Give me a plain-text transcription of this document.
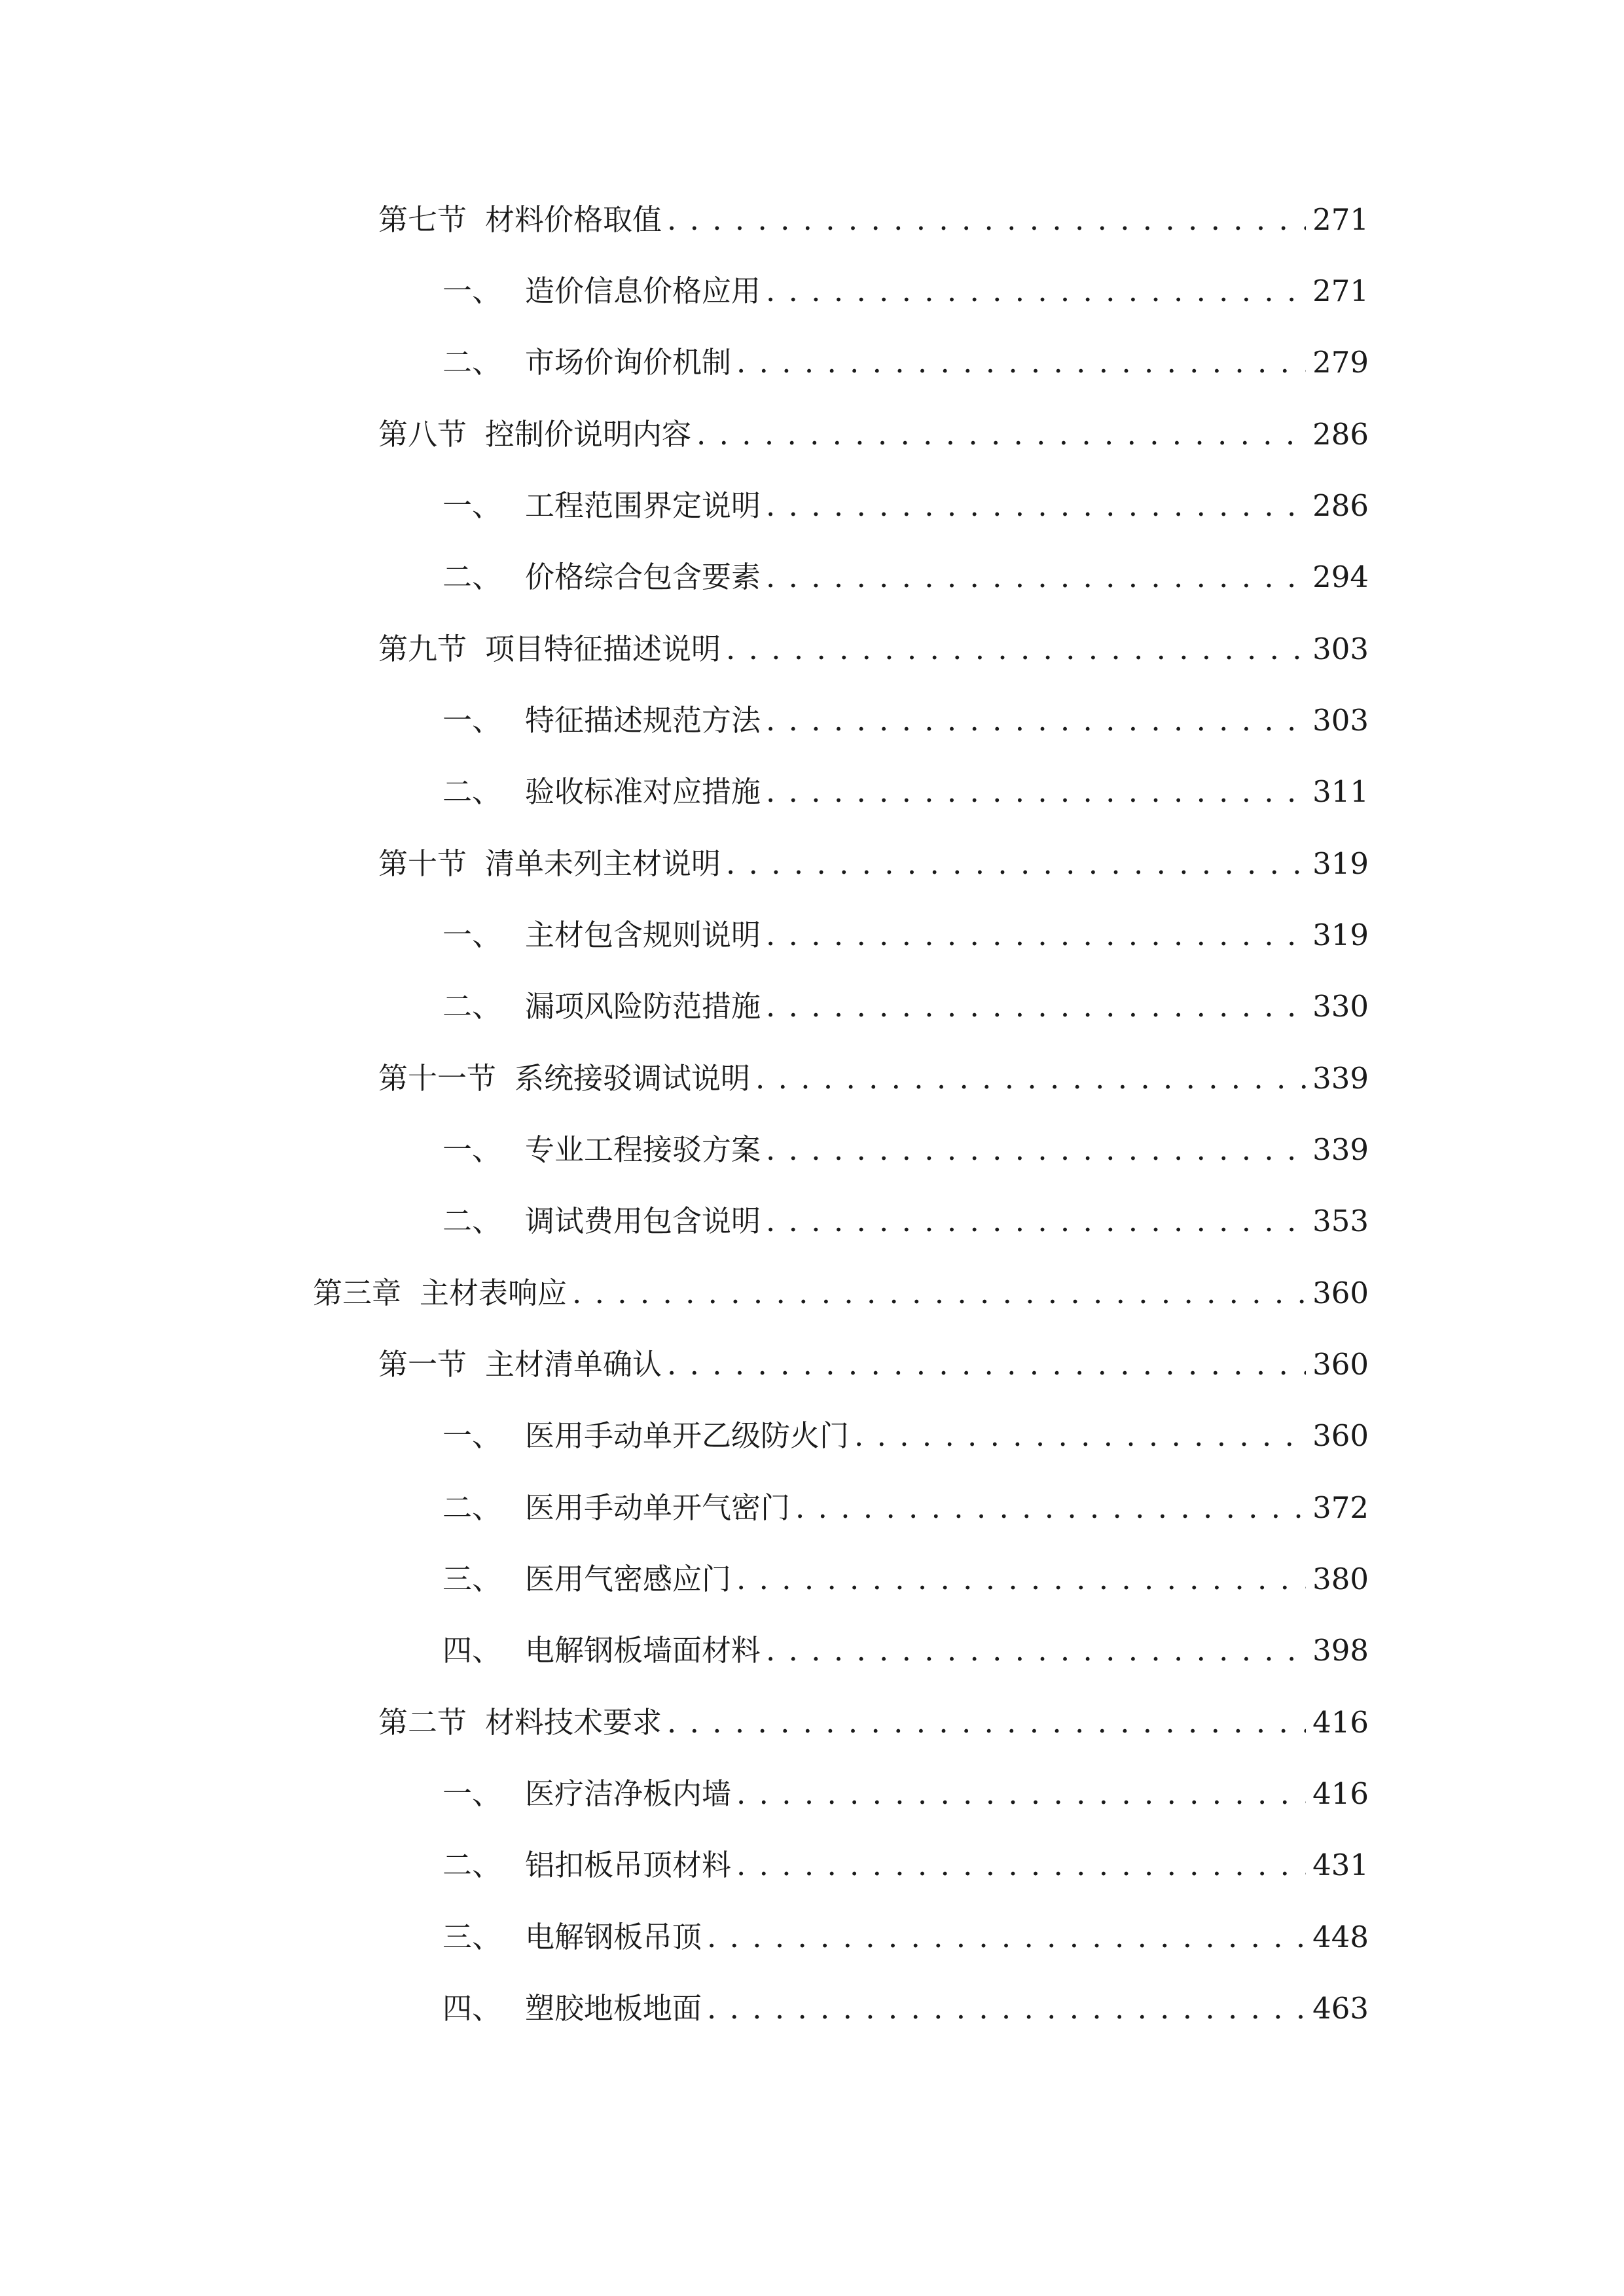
第七节 材料价格取值 . . .	271
一、 造价信息价格应用 . . .	271
二、 市场价询价机制 . . .	279
第八节 控制价说明内容 . . .	286
一、 工程范围界定说明 . . .	286
二、 价格综合包含要素 . . .	294
第九节 项目特征描述说明 . . .	303
一、 特征描述规范方法 . . .	303
二、 验收标准对应措施 . . .	311
第十节 清单未列主材说明 . . .	319
一、 主材包含规则说明 . . .	319
二、 漏项风险防范措施 . . .	330
第十一节 系统接驳调试说明 . . .	339
一、 专业工程接驳方案 . . .	339
二、 调试费用包含说明 . . .	353
第三章 主材表响应 . . .	360
第一节 主材清单确认 . . .	360
一、 医用手动单开乙级防火门 . . .	360
二、 医用手动单开气密门 . . .	372
三、 医用气密感应门 . . .	380
四、 电解钢板墙面材料 . . .	398
第二节 材料技术要求 . . .	416
一、 医疗洁净板内墙 . . .	416
二、 铝扣板吊顶材料 . . .	431
三、 电解钢板吊顶 . . .	448
四、 塑胶地板地面 . . .	463
